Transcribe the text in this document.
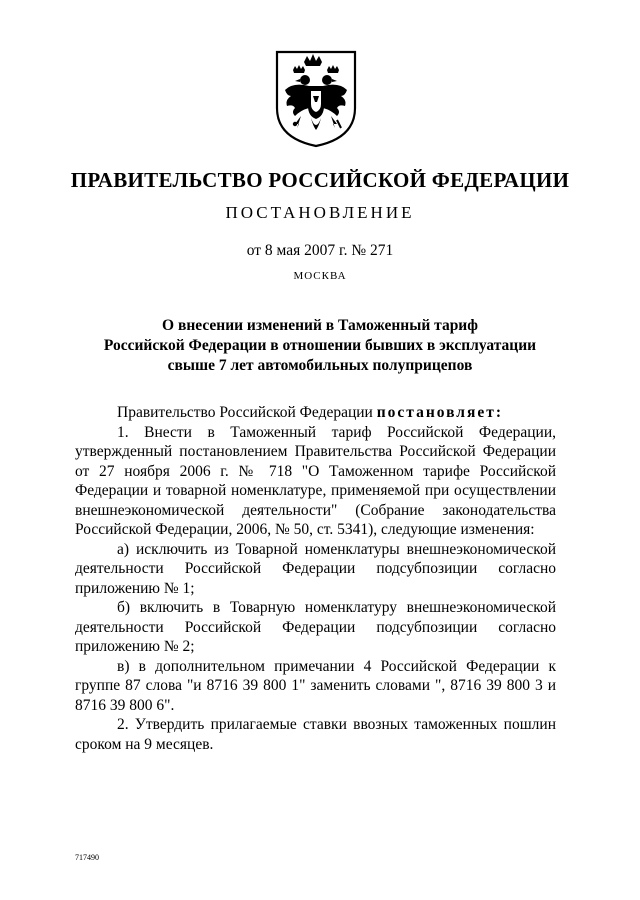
ПРАВИТЕЛЬСТВО РОССИЙСКОЙ ФЕДЕРАЦИИ
ПОСТАНОВЛЕНИЕ
от 8 мая 2007 г. № 271
МОСКВА
О внесении изменений в Таможенный тариф
Российской Федерации в отношении бывших в эксплуатации
свыше 7 лет автомобильных полуприцепов

Правительство Российской Федерации постановляет:

1. Внести в Таможенный тариф Российской Федерации, утвержденный постановлением Правительства Российской Федерации от 27 ноября 2006 г. № 718 "О Таможенном тарифе Российской Федерации и товарной номенклатуре, применяемой при осуществлении внешнеэкономической деятельности" (Собрание законодательства Российской Федерации, 2006, № 50, ст. 5341), следующие изменения:

а) исключить из Товарной номенклатуры внешнеэкономической деятельности Российской Федерации подсубпозиции согласно приложению № 1;

б) включить в Товарную номенклатуру внешнеэкономической деятельности Российской Федерации подсубпозиции согласно приложению № 2;

в) в дополнительном примечании 4 Российской Федерации к группе 87 слова "и 8716 39 800 1" заменить словами ", 8716 39 800 3 и 8716 39 800 6".

2. Утвердить прилагаемые ставки ввозных таможенных пошлин сроком на 9 месяцев.

717490
